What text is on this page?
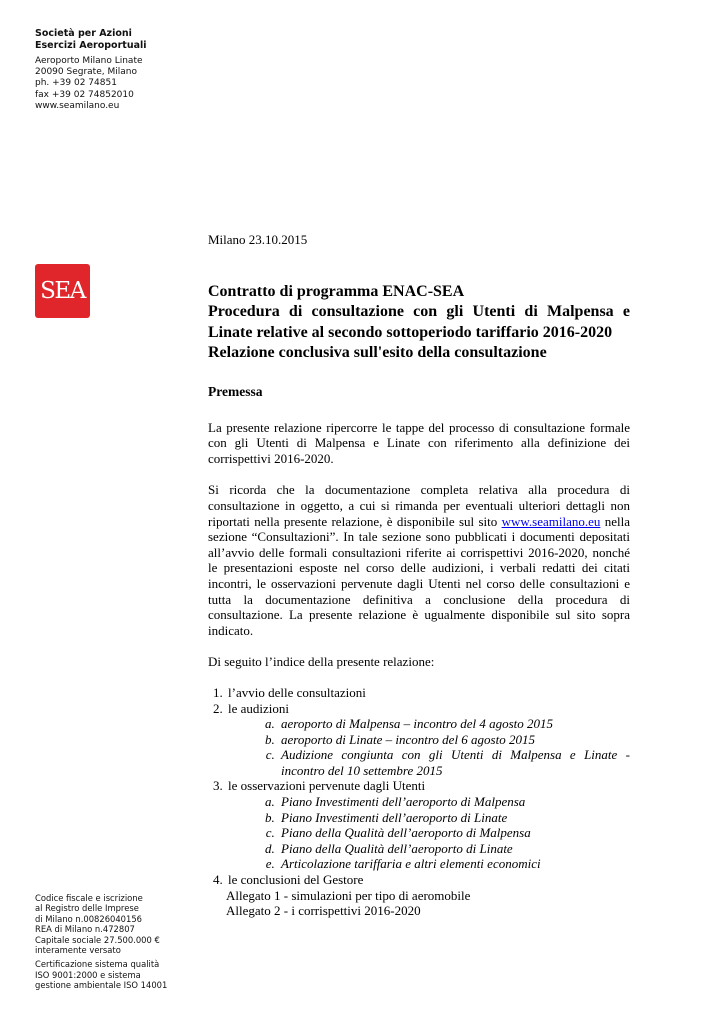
Società per Azioni
Esercizi Aeroportuali
Aeroporto Milano Linate
20090 Segrate, Milano
ph. +39 02 74851
fax +39 02 74852010
www.seamilano.eu
SEA
Codice fiscale e iscrizione
al Registro delle Imprese
di Milano n.00826040156
REA di Milano n.472807
Capitale sociale 27.500.000 €
interamente versato
Certificazione sistema qualità
ISO 9001:2000 e sistema
gestione ambientale ISO 14001

Milano 23.10.2015

Contratto di programma ENAC-SEA
Procedura di consultazione con gli Utenti di Malpensa e Linate relative al secondo sottoperiodo tariffario 2016-2020
Relazione conclusiva sull'esito della consultazione
Premessa

La presente relazione ripercorre le tappe del processo di consultazione formale con gli Utenti di Malpensa e Linate con riferimento alla definizione dei corrispettivi 2016-2020.

Si ricorda che la documentazione completa relativa alla procedura di consultazione in oggetto, a cui si rimanda per eventuali ulteriori dettagli non riportati nella presente relazione, è disponibile sul sito www.seamilano.eu nella sezione “Consultazioni”. In tale sezione sono pubblicati i documenti depositati all’avvio delle formali consultazioni riferite ai corrispettivi 2016-2020, nonché le presentazioni esposte nel corso delle audizioni, i verbali redatti dei citati incontri, le osservazioni pervenute dagli Utenti nel corso delle consultazioni e tutta la documentazione definitiva a conclusione della procedura di consultazione. La presente relazione è ugualmente disponibile sul sito sopra indicato.

Di seguito l’indice della presente relazione:

1. l’avvio delle consultazioni
2. le audizioni
a. aeroporto di Malpensa – incontro del 4 agosto 2015
b. aeroporto di Linate – incontro del 6 agosto 2015
c. Audizione congiunta con gli Utenti di Malpensa e Linate - incontro del 10 settembre 2015
3. le osservazioni pervenute dagli Utenti
a. Piano Investimenti dell’aeroporto di Malpensa
b. Piano Investimenti dell’aeroporto di Linate
c. Piano della Qualità dell’aeroporto di Malpensa
d. Piano della Qualità dell’aeroporto di Linate
e. Articolazione tariffaria e altri elementi economici
4. le conclusioni del Gestore
Allegato 1 - simulazioni per tipo di aeromobile
Allegato 2 - i corrispettivi 2016-2020
